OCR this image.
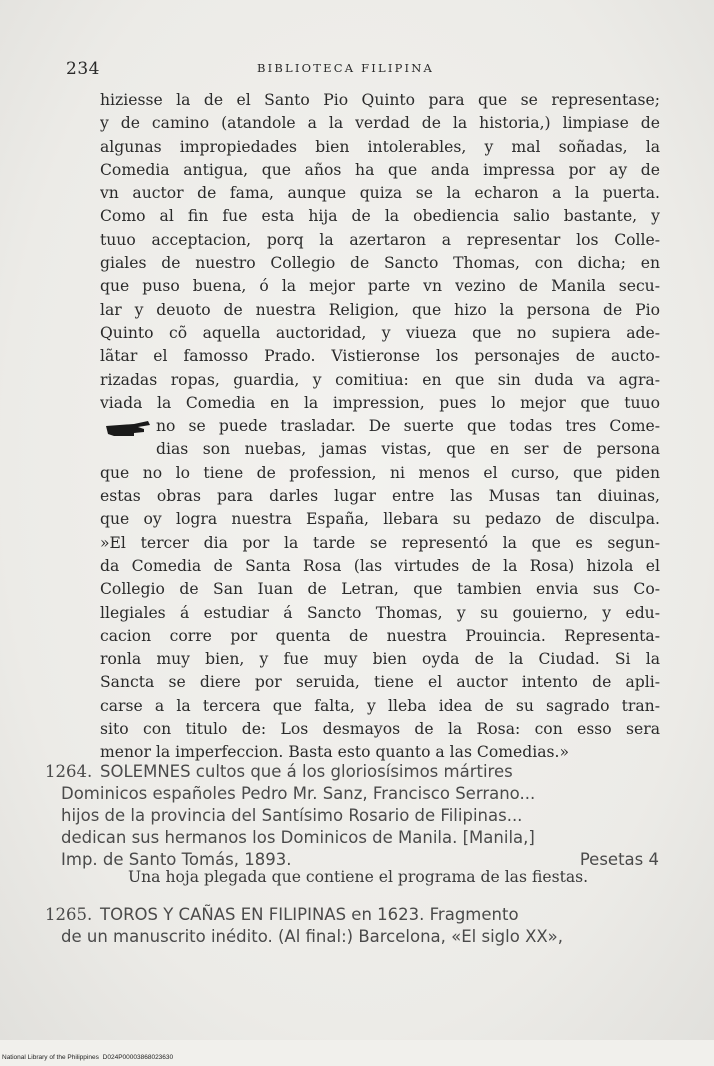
234	BIBLIOTECA FILIPINA
hiziesse la de el Santo Pio Quinto para que se representase;
y de camino (atandole a la verdad de la historia,) limpiase de
algunas impropiedades bien intolerables, y mal soñadas, la
Comedia antigua, que años ha que anda impressa por ay de
vn auctor de fama, aunque quiza se la echaron a la puerta.
Como al fin fue esta hija de la obediencia salio bastante, y
tuuo acceptacion, porq la azertaron a representar los Colle-
giales de nuestro Collegio de Sancto Thomas, con dicha; en
que puso buena, ó la mejor parte vn vezino de Manila secu-
lar y deuoto de nuestra Religion, que hizo la persona de Pio
Quinto cõ aquella auctoridad, y viueza que no supiera ade-
lãtar el famosso Prado. Vistieronse los personajes de aucto-
rizadas ropas, guardia, y comitiua: en que sin duda va agra-
viada la Comedia en la impression, pues lo mejor que tuuo
no se puede trasladar. De suerte que todas tres Come-
dias son nuebas, jamas vistas, que en ser de persona
que no lo tiene de profession, ni menos el curso, que piden
estas obras para darles lugar entre las Musas tan diuinas,
que oy logra nuestra España, llebara su pedazo de disculpa.
»El tercer dia por la tarde se representó la que es segun-
da Comedia de Santa Rosa (las virtudes de la Rosa) hizola el
Collegio de San Iuan de Letran, que tambien envia sus Co-
llegiales á estudiar á Sancto Thomas, y su gouierno, y edu-
cacion corre por quenta de nuestra Prouincia. Representa-
ronla muy bien, y fue muy bien oyda de la Ciudad. Si la
Sancta se diere por seruida, tiene el auctor intento de apli-
carse a la tercera que falta, y lleba idea de su sagrado tran-
sito con titulo de: Los desmayos de la Rosa: con esso sera
menor la imperfeccion. Basta esto quanto a las Comedias.»
1264. SOLEMNES cultos que á los gloriosísimos mártires
Dominicos españoles Pedro Mr. Sanz, Francisco Serrano...
hijos de la provincia del Santísimo Rosario de Filipinas...
dedican sus hermanos los Dominicos de Manila. [Manila,]
Imp. de Santo Tomás, 1893.	Pesetas 4
Una hoja plegada que contiene el programa de las fiestas.
1265. TOROS Y CAÑAS EN FILIPINAS en 1623. Fragmento
de un manuscrito inédito. (Al final:) Barcelona, «El siglo XX»,
National Library of the Philippines D024P00003868023630
